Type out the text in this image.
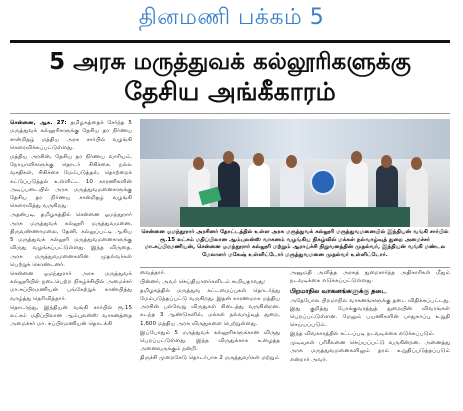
தினமணி பக்கம் 5
5 அரசு மருத்துவக் கல்லூரிகளுக்கு
தேசிய அங்கீகாரம்

சென்னை, ஆக. 27: தமிழகத்தைச் சேர்ந்த 5 மருத்துவக் கல்லூரிகளுக்கு தேசிய தர நிர்ணய சான்றிதழ் மத்திய அரசு சார்பில் வழங்கி கௌரவிக்கப்பட்டுள்ளது.

மத்திய அரசின், தேசிய தர நிர்ணய வாரியம், நோயாளிகளுக்கு தொடர் சிகிச்சை, நல்ல வசதிகள், சிகிச்சை மேம்படுத்தல், தொற்றைக் கட்டுப்படுத்தல் உள்ளிட்ட 10 காரணிகளின் அடிப்படையில் அரசு மருத்துவமனைகளுக்கு தேசிய தர நிர்ணய சான்றிதழ் வழங்கி கௌரவித்து வருகிறது.

அதன்படி, தமிழகத்தில் சென்னை ஓமந்தூரார் அரசு மருத்துவக் கல்லூரி மருத்துவமனை, திருவண்ணாமலை, தேனி, கல்லுப்பட்டி ஆகிய 5 மருத்துவக் கல்லூரி மருத்துவமனைகளுக்கு விருது வழங்கப்பட்டுள்ளது. இந்த விருதை, அரசு மருத்துவமனைகளின் முதல்வர்கள் பெற்றுக் கொண்டனர்.

சென்னை ஓமந்தூரார் அரசு மருத்துவக் கல்லூரியில் நடைபெற்ற நிகழ்ச்சியில் அமைச்சர் மா.சுப்பிரமணியன் பங்கேற்றுக் காண்பித்து வாழ்த்து தெரிவித்தார்.

தொடர்ந்து, இந்தியன் வங்கி சார்பில் ரூ.15 லட்சம் மதிப்பிலான ஆம்புலன்ஸ் வாகனத்தை அமைச்சர் மா. சுப்பிரமணியன் தொடக்கி

சென்னை ஓமந்தூரார் அரசினர் தோட்டத்தில் உள்ள அரசு மருத்துவக் கல்லூரி மருத்துவமனையில் இந்தியன் வங்கி சார்பில் ரூ.15 லட்சம் மதிப்பிலான ஆம்புலன்ஸ் வாகனம் வழங்கிய நிகழ்வில் மக்கள் நல்வாழ்வுத் துறை அமைச்சர் மா.சுப்பிரமணியன், சென்னை ஓமந்தூரார் கல்லூரி மற்றும் ஆராய்ச்சி நிறுவனத்தின் முதல்வர், இந்தியன் வங்கி மண்டல மேலாளர் மகேஷ் உள்ளிட்டோர் மருத்துவமனை முதல்வர் உள்ளிட்டோர்.

வைத்தார்.

பின்னர், அவர் செய்தியாளர்களிடம் கூறியதாவது:

தமிழகத்தில் மருத்துவ கட்டமைப்புகள் தொடர்ந்து மேம்படுத்தப்பட்டு வருகிறது. இதன் காரணமாக மத்திய அரசின் பல்வேறு விருதுகள் கிடைத்து வருகின்றன. கடந்த 3 ஆண்டுகளில், மக்கள் நல்வாழ்வுத் துறை, 1,600 மத்திய அரசு விருதுகளை பெற்றுள்ளது.

இப்போதும் 5 மருத்துவக் கல்லூரிகளுக்கான விருது பெறப்பட்டுள்ளது. இந்த விருதுக்காக உழைத்த அனைவருக்கும் நன்றி.

திருச்சி முறைகேடு தொடர்பாக 2 மருத்துவர்கள் மற்றும்

அனுமதி அளித்த அரசுத் துறைசார்ந்த அதிகாரிகள் மீதும் நடவடிக்கை எடுக்கப்பட்டுள்ளது.

பிறமாநில வாகனங்களுக்கு தடை

அதேபோல பிறமாநில வாகனங்களுக்கு தடை விதிக்கப்பட்டது. இது குறித்து போக்குவரத்துத் துறையின் விவரங்கள் பெறப்பட்டுள்ளன. மேலும் பயணிகளின் பாதுகாப்பு உறுதி செய்யப்படும்.

இந்த விவகாரத்தில் சட்டப்படி நடவடிக்கை எடுக்கப்படும்.

முடிவுகள் பரிசீலனை செய்யப்பட்டு வருகின்றன. அனைத்து அரசு மருத்துவமனைகளிலும் தரம் உறுதிப்படுத்தப்படும் என்றார் அவர்.
